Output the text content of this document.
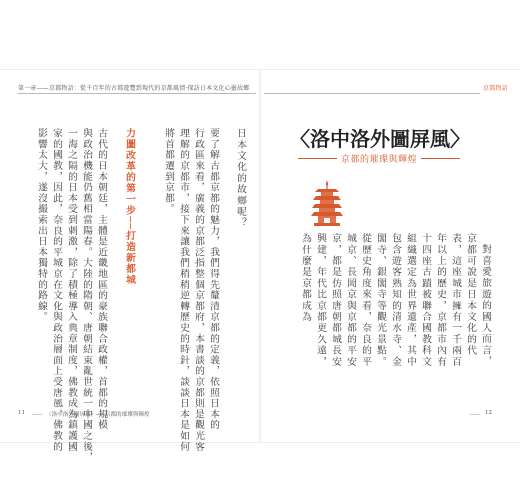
第一章——京都物語：從千百年的古都遊覽到現代的京都風情·探訪日本文化心靈故鄉
日本文化的故鄉呢？
要了解古都京都的魅力，我們得先釐清京都的定義，依照日本的
行政區來看，廣義的京都泛指整個京都府，本書談的京都則是觀光客
理解的京都市，接下來讓我們稍稍逆轉歷史的時針，談談日本是如何
將首都遷到京都。
力圖改革的第一步──打造新都城
古代的日本朝廷，主體是近畿地區的豪族聯合政權，首都的規模
與政治機能仍舊相當陽春。大陸的隋朝、唐朝結束亂世統一中國之後，
一海之隔的日本受到刺激，除了積極導入典章制度，佛教成為鎮護國
家的國教，因此，奈良的平城京在文化與政治層面上受唐風、佛教的
影響太大，遂沒撮索出日本獨特的路線。
11	〈洛中洛外圖屏風〉── 京都的璀璨與輝煌
京都物語
〈洛中洛外圖屏風〉
京都的璀璨與輝煌
對喜愛旅遊的國人而言，
京都可說是日本文化的代
表，這座城市擁有一千兩百
年以上的歷史，京都市內有
十四座古蹟被聯合國教科文
組織選定為世界遺產，其中
包含遊客熟知的清水寺、金
閣寺、銀閣寺等觀光景點。
從歷史角度來看，奈良的平
城京、長岡京與京都的平安
京，都是仿照唐朝都城長安
興建，年代比京都更久遠，
為什麼是京都成為
12
